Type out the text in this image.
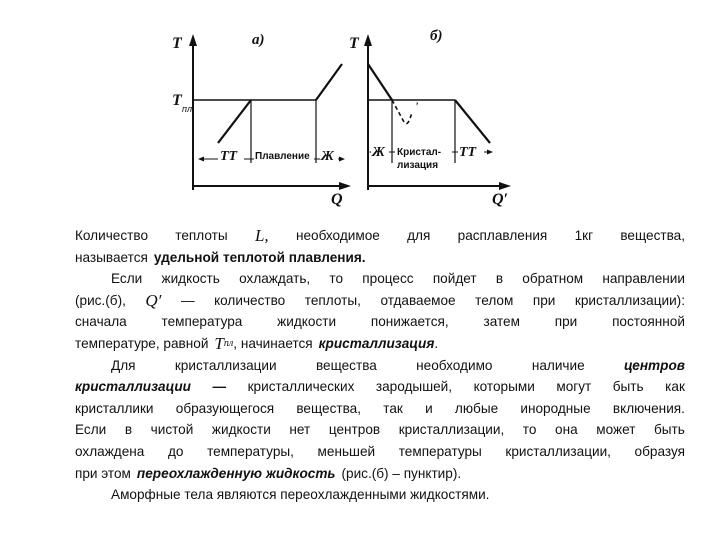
а)
T
Q
T пл
ТТ Плавление Ж
'
б)
T
Q′
Ж Кристал-
лизация
ТТ
Количество теплоты L, необходимое для расплавления 1кг вещества,
называется удельной теплотой плавления.
Если жидкость охлаждать, то процесс пойдет в обратном направлении
(рис.(б), Q′ — количество теплоты, отдаваемое телом при кристаллизации):
сначала	температура	жидкости	понижается,	затем	при	постоянной
температуре, равной T пл , начинается кристаллизация .
Для	кристаллизации	вещества	необходимо	наличие	центров
кристаллизации — кристаллических зародышей, которыми могут быть как
кристаллики образующегося вещества, так и любые инородные включения.
Если в чистой жидкости нет центров кристаллизации, то она может быть
охлаждена до температуры, меньшей температуры кристаллизации, образуя
при этом переохлажденную жидкость (рис.(б) – пунктир).
Аморфные тела являются переохлажденными жидкостями.
